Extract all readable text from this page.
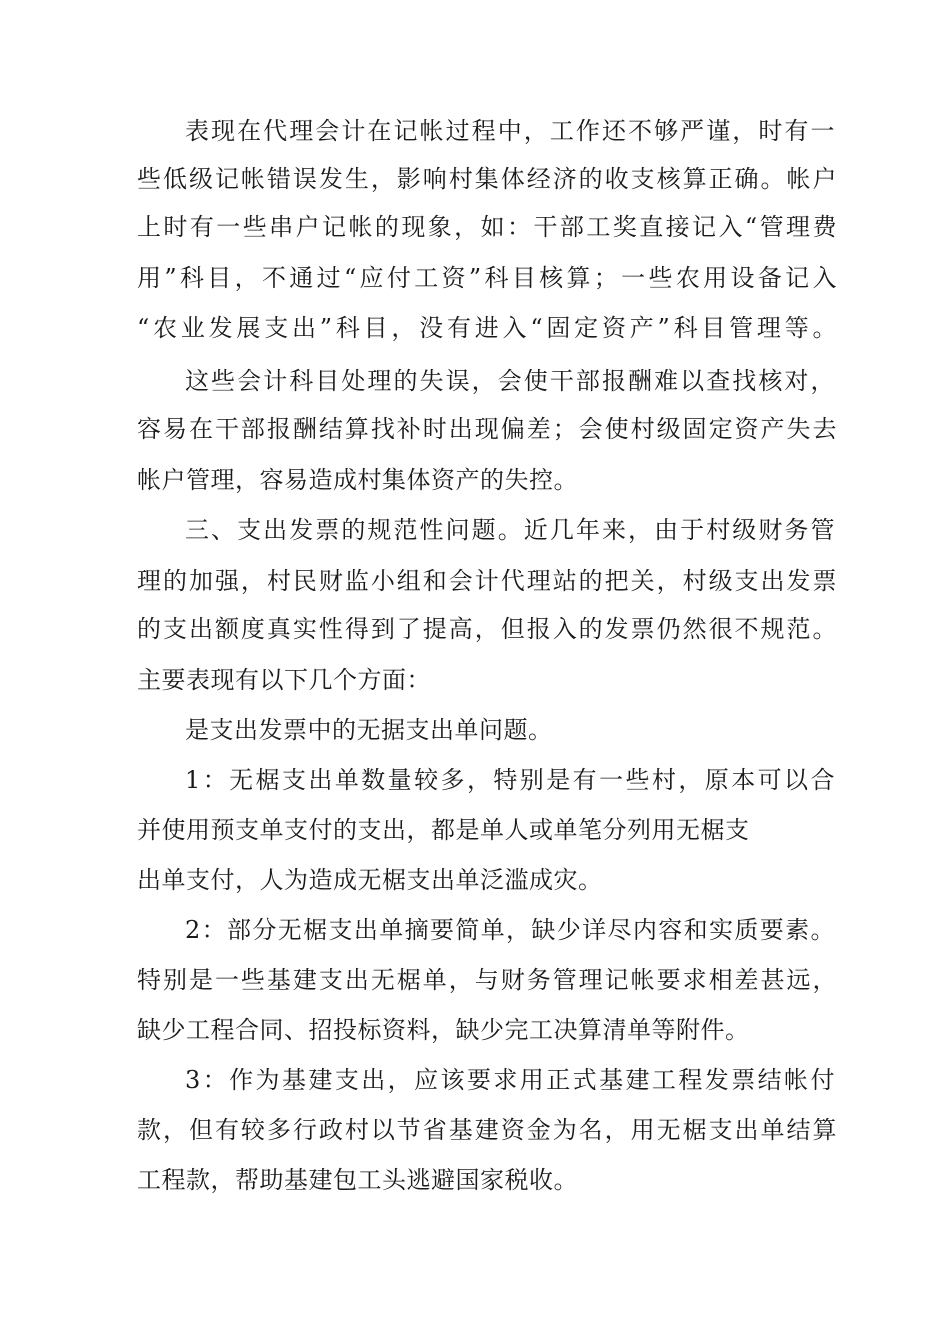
表现在代理会计在记帐过程中，工作还不够严谨，时有一
些低级记帐错误发生，影响村集体经济的收支核算正确。帐户
上时有一些串户记帐的现象，如：干部工奖直接记入“管理费
用”科目，不通过“应付工资”科目核算；一些农用设备记入
“农业发展支出”科目，没有进入“固定资产”科目管理等。
这些会计科目处理的失误，会使干部报酬难以查找核对，
容易在干部报酬结算找补时出现偏差；会使村级固定资产失去
帐户管理，容易造成村集体资产的失控。
三、支出发票的规范性问题。近几年来，由于村级财务管
理的加强，村民财监小组和会计代理站的把关，村级支出发票
的支出额度真实性得到了提高，但报入的发票仍然很不规范。
主要表现有以下几个方面：
是支出发票中的无据支出单问题。
1：无椐支出单数量较多，特别是有一些村，原本可以合
并使用预支单支付的支出，都是单人或单笔分列用无椐支
出单支付，人为造成无椐支出单泛滥成灾。
2：部分无椐支出单摘要简单，缺少详尽内容和实质要素。
特别是一些基建支出无椐单，与财务管理记帐要求相差甚远，
缺少工程合同、招投标资料，缺少完工决算清单等附件。
3：作为基建支出，应该要求用正式基建工程发票结帐付
款，但有较多行政村以节省基建资金为名，用无椐支出单结算
工程款，帮助基建包工头逃避国家税收。
